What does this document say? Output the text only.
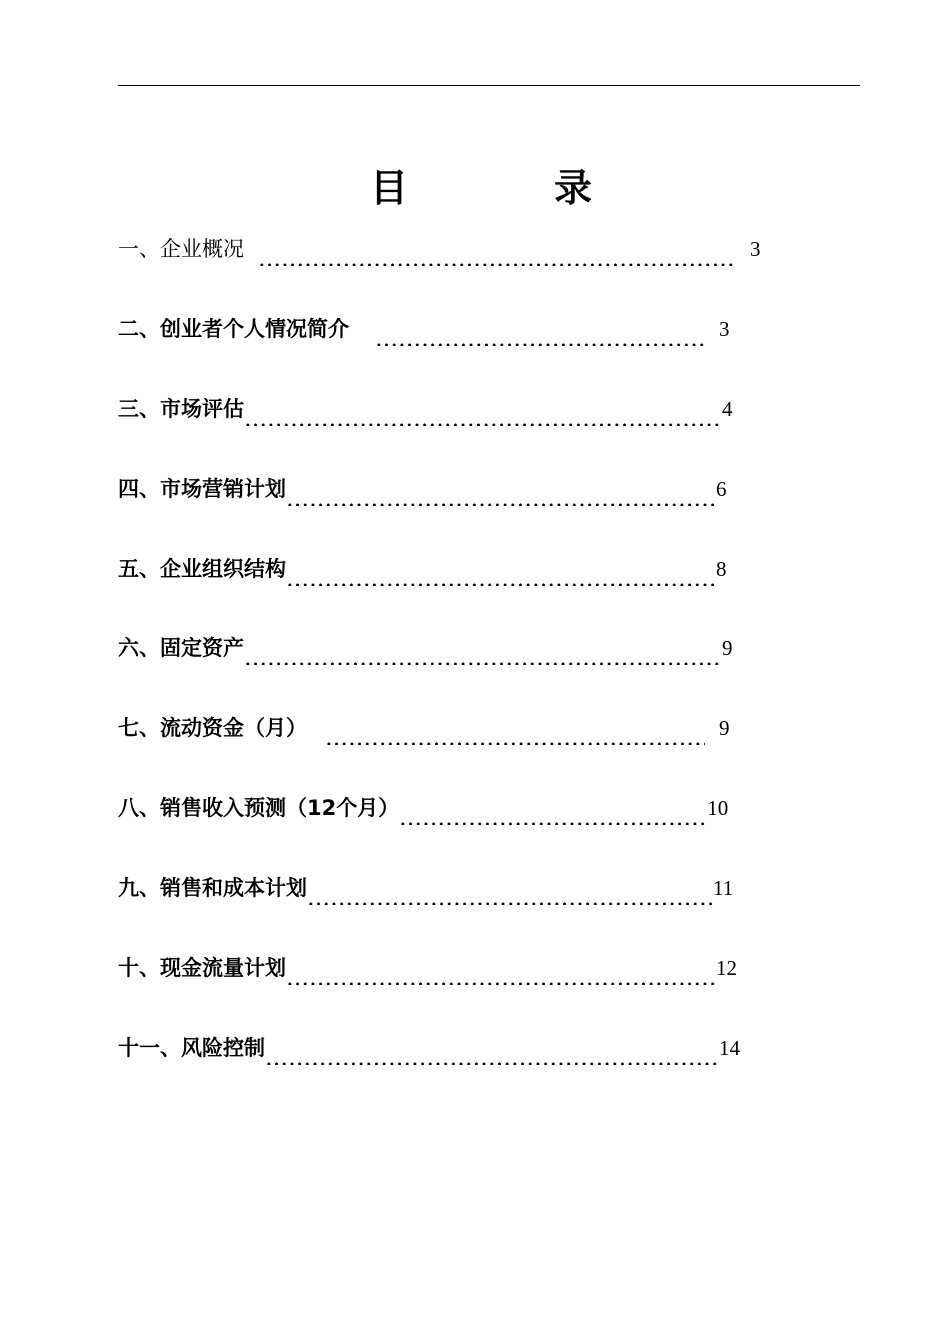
目	录
一、企业概况	3
二、创业者个人情况简介	3
三、市场评估	4
四、市场营销计划	6
五、企业组织结构	8
六、固定资产	9
七、流动资金（月）	9
八、销售收入预测（12个月）	10
九、销售和成本计划	11
十、现金流量计划	12
十一、风险控制	14
